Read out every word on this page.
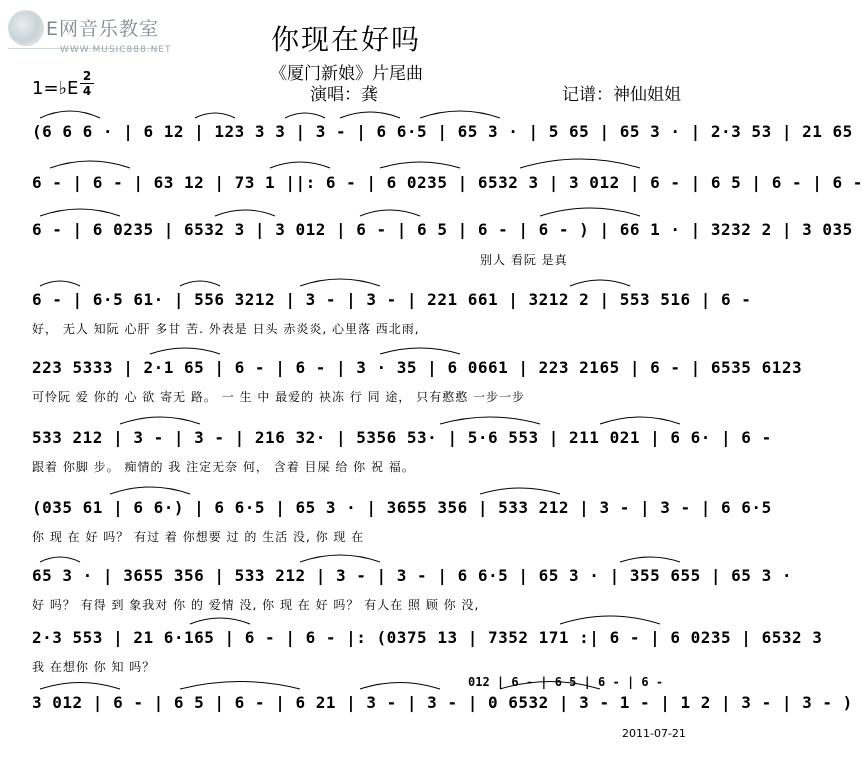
E网音乐教室
WWW.MUSIC888.NET	你现在好吗
《厦门新娘》片尾曲
1=♭E
2
4	演唱：龚	记谱：神仙姐姐
(6 6 6 · | 6 12 | 123 3 3 | 3 - | 6 6·5 | 65 3 · | 5 65 | 65 3 · | 2·3 53 | 21 65
6 - | 6 - | 63 12 | 73 1 ||: 6 - | 6 0235 | 6532 3 | 3 012 | 6 - | 6 5 | 6 - | 6 -
6 - | 6 0235 | 6532 3 | 3 012 | 6 - | 6 5 | 6 - | 6 - ) | 66 1 · | 3232 2 | 3 035
别人 看阮 是真
6 - | 6·5 61· | 556 3212 | 3 - | 3 - | 221 661 | 3212 2 | 553 516 | 6 -
好， 无人 知阮 心肝 多甘 苦. 外表是 日头 赤炎炎, 心里落 西北雨,
223 5333 | 2·1 65 | 6 - | 6 - | 3 · 35 | 6 0661 | 223 2165 | 6 - | 6535 6123
可怜阮 爱 你的 心 欲 寄无 路。 一 生 中 最爱的 袂冻 行 同 途， 只有憨憨 一步一步
533 212 | 3 - | 3 - | 216 32· | 5356 53· | 5·6 553 | 211 021 | 6 6· | 6 -
跟着 你脚 步。 痴情的 我 注定无奈 何， 含着 目屎 给 你 祝 福。
(035 61 | 6 6·) | 6 6·5 | 65 3 · | 3655 356 | 533 212 | 3 - | 3 - | 6 6·5
你 现 在 好 吗？ 有过 着 你想要 过 的 生活 没, 你 现 在
65 3 · | 3655 356 | 533 212 | 3 - | 3 - | 6 6·5 | 65 3 · | 355 655 | 65 3 ·
好 吗？ 有得 到 象我对 你 的 爱情 没, 你 现 在 好 吗？ 有人在 照 顾 你 没,
2·3 553 | 21 6·165 | 6 - | 6 - |: (0375 13 | 7352 171 :| 6 - | 6 0235 | 6532 3
我 在想你 你 知 吗？
012 | 6 - | 6 5 | 6 - | 6 -
3 012 | 6 - | 6 5 | 6 - | 6 21 | 3 - | 3 - | 0 6532 | 3 - 1 - | 1 2 | 3 - | 3 - )
2011-07-21
